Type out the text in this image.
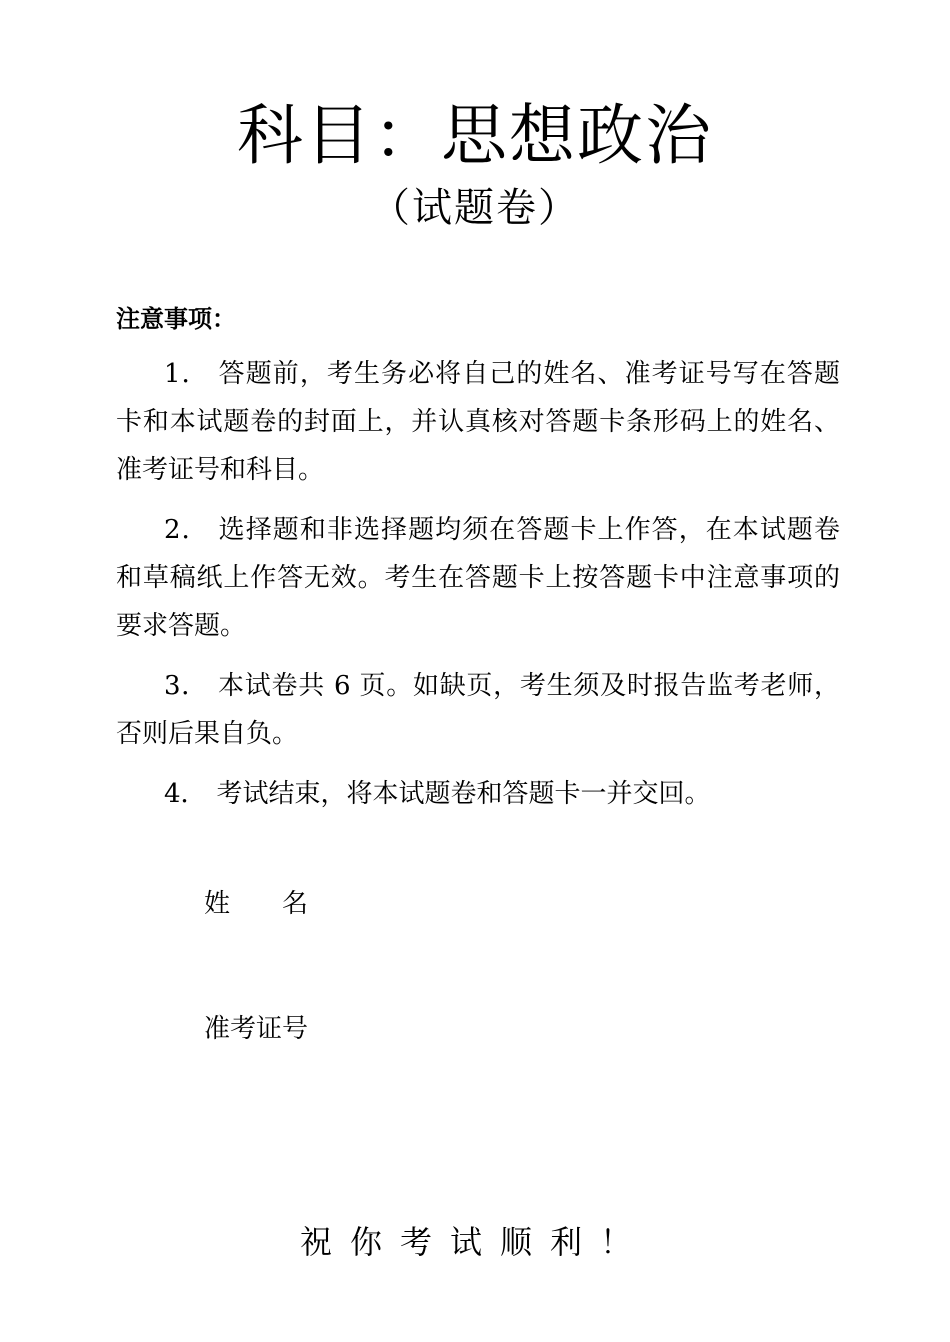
科目：思想政治
（试题卷）
注意事项：
1． 答题前，考生务必将自己的姓名、准考证号写在答题卡和本试题卷的封面上，并认真核对答题卡条形码上的姓名、准考证号和科目。
2． 选择题和非选择题均须在答题卡上作答，在本试题卷和草稿纸上作答无效。考生在答题卡上按答题卡中注意事项的要求答题。
3． 本试卷共 6 页。如缺页，考生须及时报告监考老师，否则后果自负。
4． 考试结束，将本试题卷和答题卡一并交回。
姓 名
准考证号
祝你考试顺利！
